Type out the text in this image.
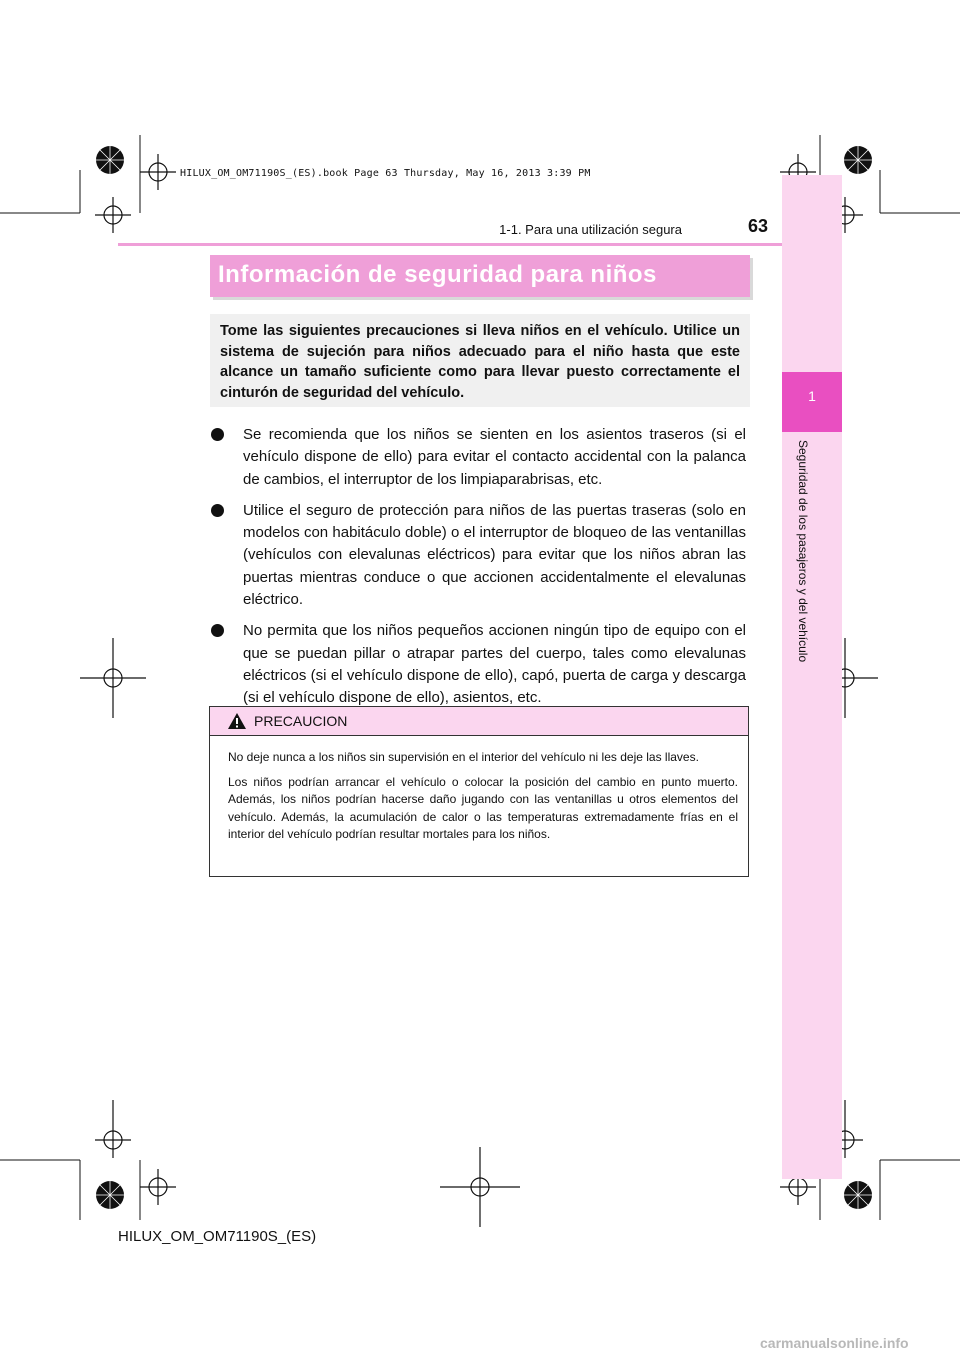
HILUX_OM_OM71190S_(ES).book Page 63 Thursday, May 16, 2013 3:39 PM
1
Seguridad de los pasajeros y del vehículo
1-1. Para una utilización segura	63
Información de seguridad para niños

Tome las siguientes precauciones si lleva niños en el vehículo. Utilice un sistema de sujeción para niños adecuado para el niño hasta que este alcance un tamaño suficiente como para llevar puesto correctamente el cinturón de seguridad del vehículo.

Se recomienda que los niños se sienten en los asientos traseros (si el vehículo dispone de ello) para evitar el contacto accidental con la palanca de cambios, el interruptor de los limpiaparabrisas, etc.
Utilice el seguro de protección para niños de las puertas traseras (solo en modelos con habitáculo doble) o el interruptor de bloqueo de las ventanillas (vehículos con elevalunas eléctricos) para evitar que los niños abran las puertas mientras conduce o que accionen accidentalmente el elevalunas eléctrico.
No permita que los niños pequeños accionen ningún tipo de equipo con el que se puedan pillar o atrapar partes del cuerpo, tales como elevalunas eléctricos (si el vehículo dispone de ello), capó, puerta de carga y descarga (si el vehículo dispone de ello), asientos, etc.
PRECAUCION

No deje nunca a los niños sin supervisión en el interior del vehículo ni les deje las llaves.

Los niños podrían arrancar el vehículo o colocar la posición del cambio en punto muerto. Además, los niños podrían hacerse daño jugando con las ventanillas u otros elementos del vehículo. Además, la acumulación de calor o las temperaturas extremadamente frías en el interior del vehículo podrían resultar mortales para los niños.

HILUX_OM_OM71190S_(ES)
carmanualsonline.info
